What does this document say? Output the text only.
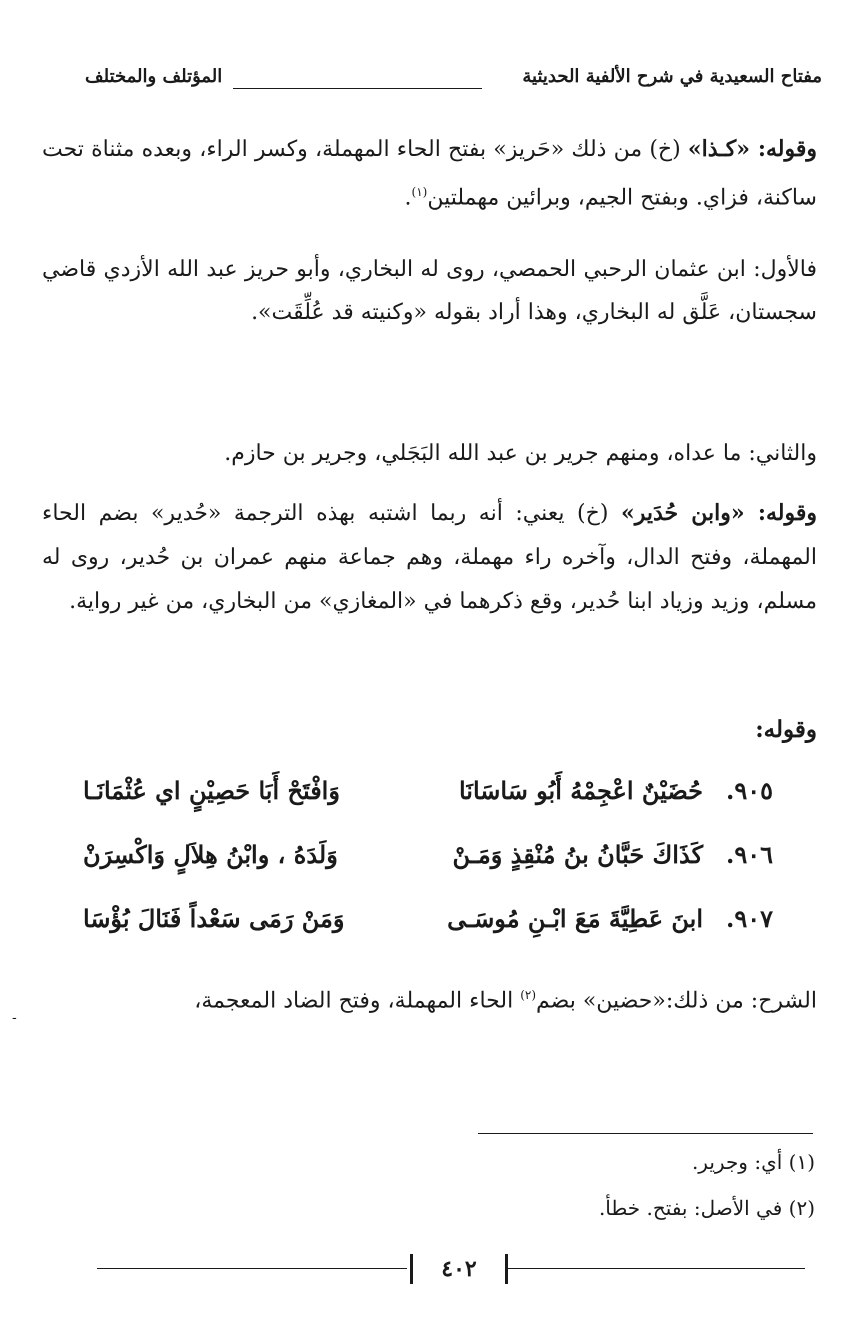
مفتاح السعيدية في شرح الألفية الحديثية
المؤتلف والمختلف

وقوله: «كـذا» (خ) من ذلك «حَريز» بفتح الحاء المهملة، وكسر الراء، وبعده مثناة تحت ساكنة، فزاي. وبفتح الجيم، وبرائين مهملتين$^{(١)}$.

فالأول: ابن عثمان الرحبي الحمصي، روى له البخاري، وأبو حريز عبد الله الأزدي قاضي سجستان، عَلَّق له البخاري، وهذا أراد بقوله «وكنيته قد عُلِّقَت».

والثاني: ما عداه، ومنهم جرير بن عبد الله البَجَلي، وجرير بن حازم.

وقوله: «وابن حُدَير» (خ) يعني: أنه ربما اشتبه بهذه الترجمة «حُدير» بضم الحاء المهملة، وفتح الدال، وآخره راء مهملة، وهم جماعة منهم عمران بن حُدير، روى له مسلم، وزيد وزياد ابنا حُدير، وقع ذكرهما في «المغازي» من البخاري، من غير رواية.

وقوله:
٩٠٥.
حُضَيْنٌ اعْجِمْهُ أَبُو سَاسَانَا
وَافْتَحْ أَبَا حَصِيْنٍ اي عُثْمَانَـا
٩٠٦.
كَذَاكَ حَبَّانُ بنُ مُنْقِذٍ وَمَـنْ
وَلَدَهُ ، وابْنُ هِلاَلٍ وَاكْسِرَنْ
٩٠٧.
ابنَ عَطِيَّةَ مَعَ ابْـنِ مُوسَـى
وَمَنْ رَمَى سَعْداً فَنَالَ بُؤْسَا

الشرح: من ذلك:«حضين» بضم$^{(٢)}$ الحاء المهملة، وفتح الضاد المعجمة،

-
(١) أي: وجرير.
(٢) في الأصل: بفتح. خطأ.
٤٠٢
